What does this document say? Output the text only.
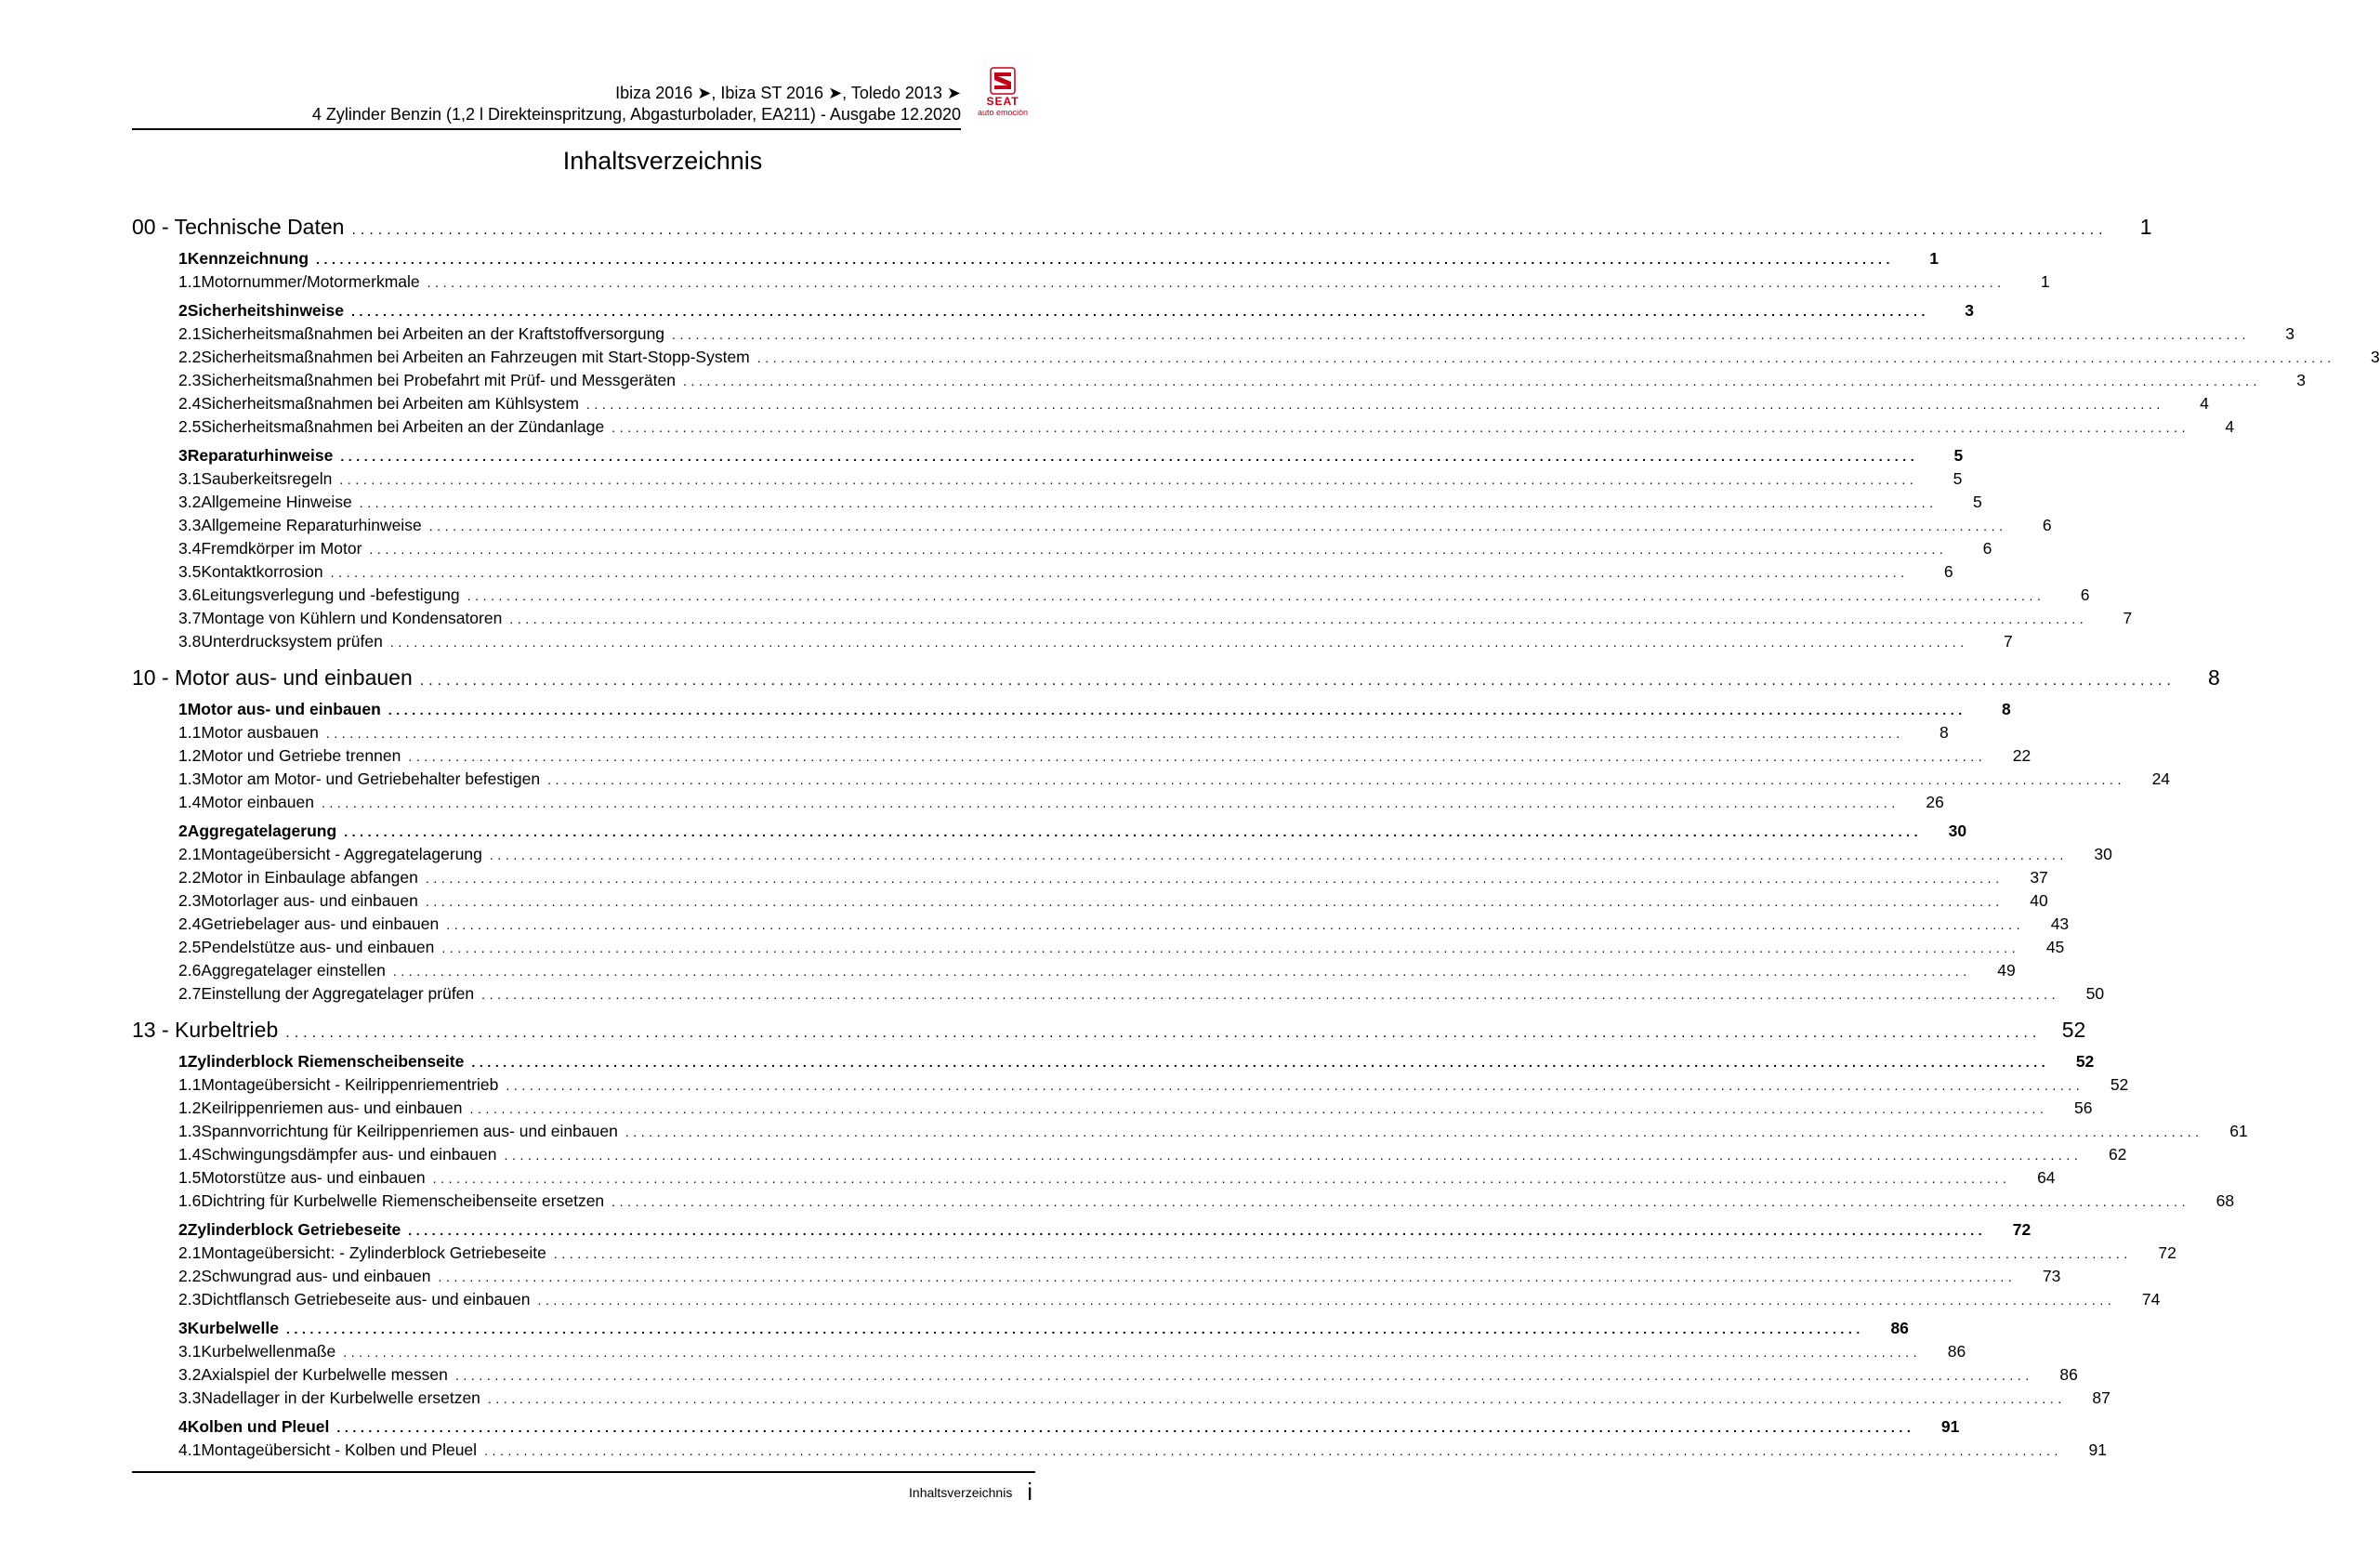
Ibiza 2016 ➤, Ibiza ST 2016 ➤, Toledo 2013 ➤
4 Zylinder Benzin (1,2 l Direkteinspritzung, Abgasturbolader, EA211) - Ausgabe 12.2020
SEAT
auto emoción
Inhaltsverzeichnis
00 - Technische Daten ........................................................................................................................................................................................................	1
1 Kennzeichnung ........................................................................................................................................................................................................	1
1.1 Motornummer/Motormerkmale ........................................................................................................................................................................................................	1
2 Sicherheitshinweise ........................................................................................................................................................................................................	3
2.1 Sicherheitsmaßnahmen bei Arbeiten an der Kraftstoffversorgung ........................................................................................................................................................................................................	3
2.2 Sicherheitsmaßnahmen bei Arbeiten an Fahrzeugen mit Start-Stopp-System ........................................................................................................................................................................................................	3
2.3 Sicherheitsmaßnahmen bei Probefahrt mit Prüf- und Messgeräten ........................................................................................................................................................................................................	3
2.4 Sicherheitsmaßnahmen bei Arbeiten am Kühlsystem ........................................................................................................................................................................................................	4
2.5 Sicherheitsmaßnahmen bei Arbeiten an der Zündanlage ........................................................................................................................................................................................................	4
3 Reparaturhinweise ........................................................................................................................................................................................................	5
3.1 Sauberkeitsregeln ........................................................................................................................................................................................................	5
3.2 Allgemeine Hinweise ........................................................................................................................................................................................................	5
3.3 Allgemeine Reparaturhinweise ........................................................................................................................................................................................................	6
3.4 Fremdkörper im Motor ........................................................................................................................................................................................................	6
3.5 Kontaktkorrosion ........................................................................................................................................................................................................	6
3.6 Leitungsverlegung und -befestigung ........................................................................................................................................................................................................	6
3.7 Montage von Kühlern und Kondensatoren ........................................................................................................................................................................................................	7
3.8 Unterdrucksystem prüfen ........................................................................................................................................................................................................	7
10 - Motor aus- und einbauen ........................................................................................................................................................................................................	8
1 Motor aus- und einbauen ........................................................................................................................................................................................................	8
1.1 Motor ausbauen ........................................................................................................................................................................................................	8
1.2 Motor und Getriebe trennen ........................................................................................................................................................................................................	22
1.3 Motor am Motor- und Getriebehalter befestigen ........................................................................................................................................................................................................	24
1.4 Motor einbauen ........................................................................................................................................................................................................	26
2 Aggregatelagerung ........................................................................................................................................................................................................	30
2.1 Montageübersicht - Aggregatelagerung ........................................................................................................................................................................................................	30
2.2 Motor in Einbaulage abfangen ........................................................................................................................................................................................................	37
2.3 Motorlager aus- und einbauen ........................................................................................................................................................................................................	40
2.4 Getriebelager aus- und einbauen ........................................................................................................................................................................................................	43
2.5 Pendelstütze aus- und einbauen ........................................................................................................................................................................................................	45
2.6 Aggregatelager einstellen ........................................................................................................................................................................................................	49
2.7 Einstellung der Aggregatelager prüfen ........................................................................................................................................................................................................	50
13 - Kurbeltrieb ........................................................................................................................................................................................................ 52
1 Zylinderblock Riemenscheibenseite ........................................................................................................................................................................................................	52
1.1 Montageübersicht - Keilrippenriementrieb ........................................................................................................................................................................................................	52
1.2 Keilrippenriemen aus- und einbauen ........................................................................................................................................................................................................	56
1.3 Spannvorrichtung für Keilrippenriemen aus- und einbauen ........................................................................................................................................................................................................	61
1.4 Schwingungsdämpfer aus- und einbauen ........................................................................................................................................................................................................	62
1.5 Motorstütze aus- und einbauen ........................................................................................................................................................................................................	64
1.6 Dichtring für Kurbelwelle Riemenscheibenseite ersetzen ........................................................................................................................................................................................................	68
2 Zylinderblock Getriebeseite ........................................................................................................................................................................................................	72
2.1 Montageübersicht: - Zylinderblock Getriebeseite ........................................................................................................................................................................................................	72
2.2 Schwungrad aus- und einbauen ........................................................................................................................................................................................................	73
2.3 Dichtflansch Getriebeseite aus- und einbauen ........................................................................................................................................................................................................	74
3 Kurbelwelle ........................................................................................................................................................................................................	86
3.1 Kurbelwellenmaße ........................................................................................................................................................................................................	86
3.2 Axialspiel der Kurbelwelle messen ........................................................................................................................................................................................................	86
3.3 Nadellager in der Kurbelwelle ersetzen ........................................................................................................................................................................................................	87
4 Kolben und Pleuel ........................................................................................................................................................................................................	91
4.1 Montageübersicht - Kolben und Pleuel ........................................................................................................................................................................................................	91
Inhaltsverzeichnis i
